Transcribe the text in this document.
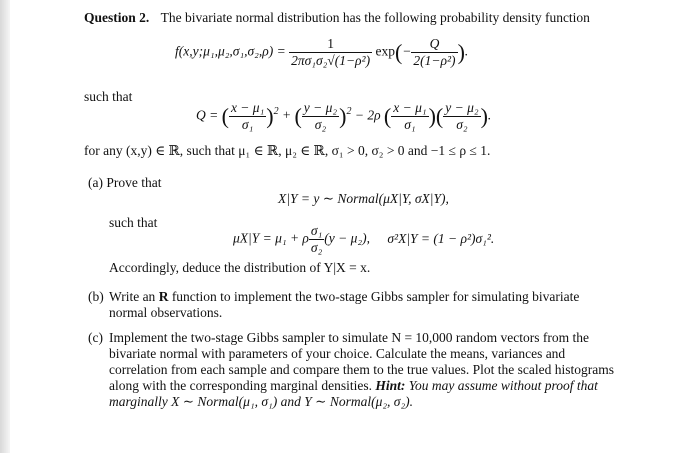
Question 2. The bivariate normal distribution has the following probability density function
f(x,y;μ₁,μ₂,σ₁,σ₂,ρ) = $\frac{1}{\text{2πσ₁σ₂√(1−ρ²)}} \exp(- \frac{Q}{\text{2(1−ρ²)}}$ ).
such that
Q = ( $\frac{\text{x − μ₁}}{\text{σ₁}} )^2$ + ( $\frac{\text{y − μ₂}}{\text{σ₂}} )^2 - 2\rho$ ( $\frac{\text{x − μ₁}}{\text{σ₁}}$ )( $\frac{\text{y − μ₂}}{\text{σ₂}}$ ).
for any (x,y) ∈ ℝ, such that μ₁ ∈ ℝ, μ₂ ∈ ℝ, σ₁ > 0, σ₂ > 0 and −1 ≤ ρ ≤ 1.
(a) Prove that
X|Y = y ∼ Normal(μX|Y, σX|Y),
such that
μX|Y = μ₁ + ρ $\frac{\text{σ₁}}{\text{σ₂}} (y - \mu_2)$, σ²X|Y = (1 − ρ²)σ₁².
Accordingly, deduce the distribution of Y|X = x.
(b) Write an R function to implement the two-stage Gibbs sampler for simulating bivariate normal observations.
(c) Implement the two-stage Gibbs sampler to simulate N = 10,000 random vectors from the bivariate normal with parameters of your choice. Calculate the means, variances and correlation from each sample and compare them to the true values. Plot the scaled histograms along with the corresponding marginal densities. Hint: You may assume without proof that marginally X ∼ Normal(μ₁, σ₁) and Y ∼ Normal(μ₂, σ₂).
